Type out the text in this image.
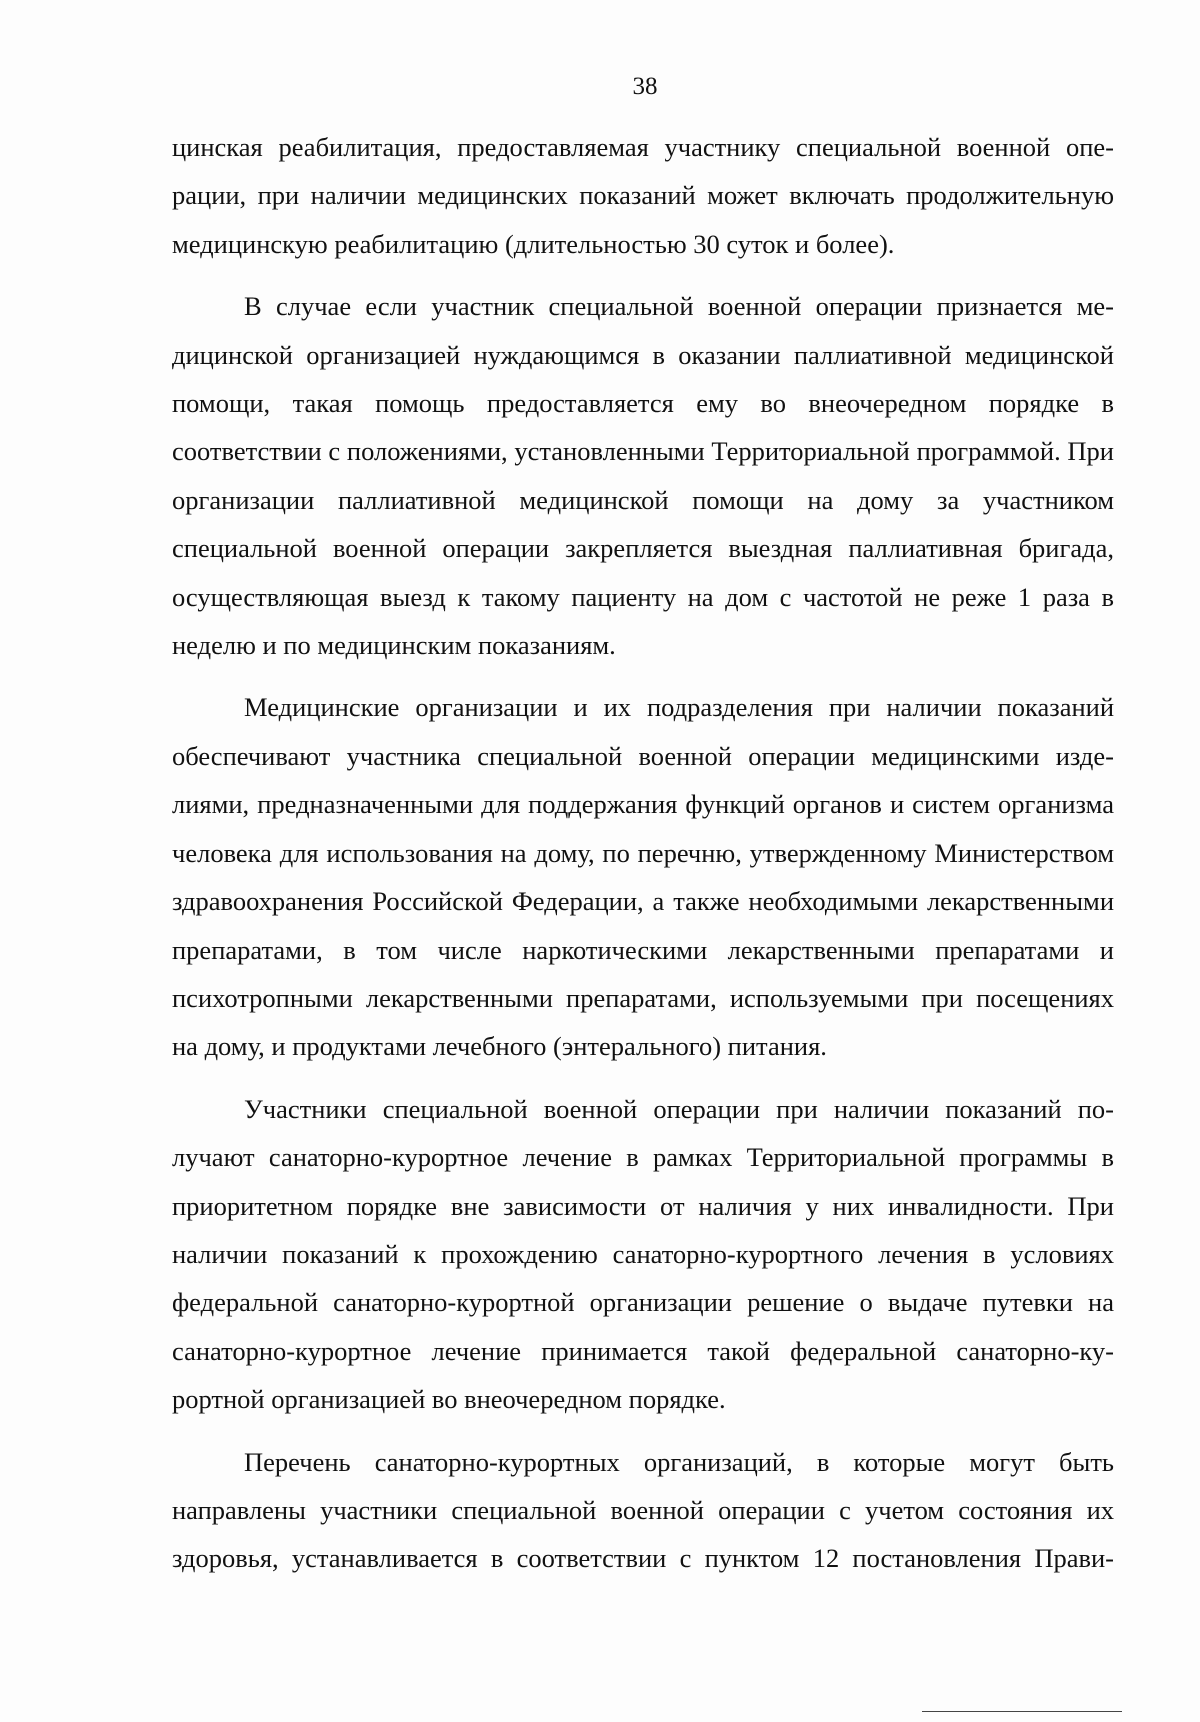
38

цинская реабилитация, предоставляемая участнику специальной военной операции, при наличии медицинских показаний может включать продолжительную медицинскую реабилитацию (длительностью 30 суток и более).

В случае если участник специальной военной операции признается медицинской организацией нуждающимся в оказании паллиативной медицинской помощи, такая помощь предоставляется ему во внеочередном порядке в соответствии с положениями, установленными Территориальной программой. При организации паллиативной медицинской помощи на дому за участником специальной военной операции закрепляется выездная паллиативная бригада, осуществляющая выезд к такому пациенту на дом с частотой не реже 1 раза в неделю и по медицинским показаниям.

Медицинские организации и их подразделения при наличии показаний обеспечивают участника специальной военной операции медицинскими изделиями, предназначенными для поддержания функций органов и систем организма человека для использования на дому, по перечню, утвержденному Министерством здравоохранения Российской Федерации, а также необходимыми лекарственными препаратами, в том числе наркотическими лекарственными препаратами и психотропными лекарственными препаратами, используемыми при посещениях на дому, и продуктами лечебного (энтерального) питания.

Участники специальной военной операции при наличии показаний получают санаторно-курортное лечение в рамках Территориальной программы в приоритетном порядке вне зависимости от наличия у них инвалидности. При наличии показаний к прохождению санаторно-курортного лечения в условиях федеральной санаторно-курортной организации решение о выдаче путевки на санаторно-курортное лечение принимается такой федеральной санаторно-курортной организацией во внеочередном порядке.

Перечень санаторно-курортных организаций, в которые могут быть направлены участники специальной военной операции с учетом состояния их здоровья, устанавливается в соответствии с пунктом 12 постановления Прави-
